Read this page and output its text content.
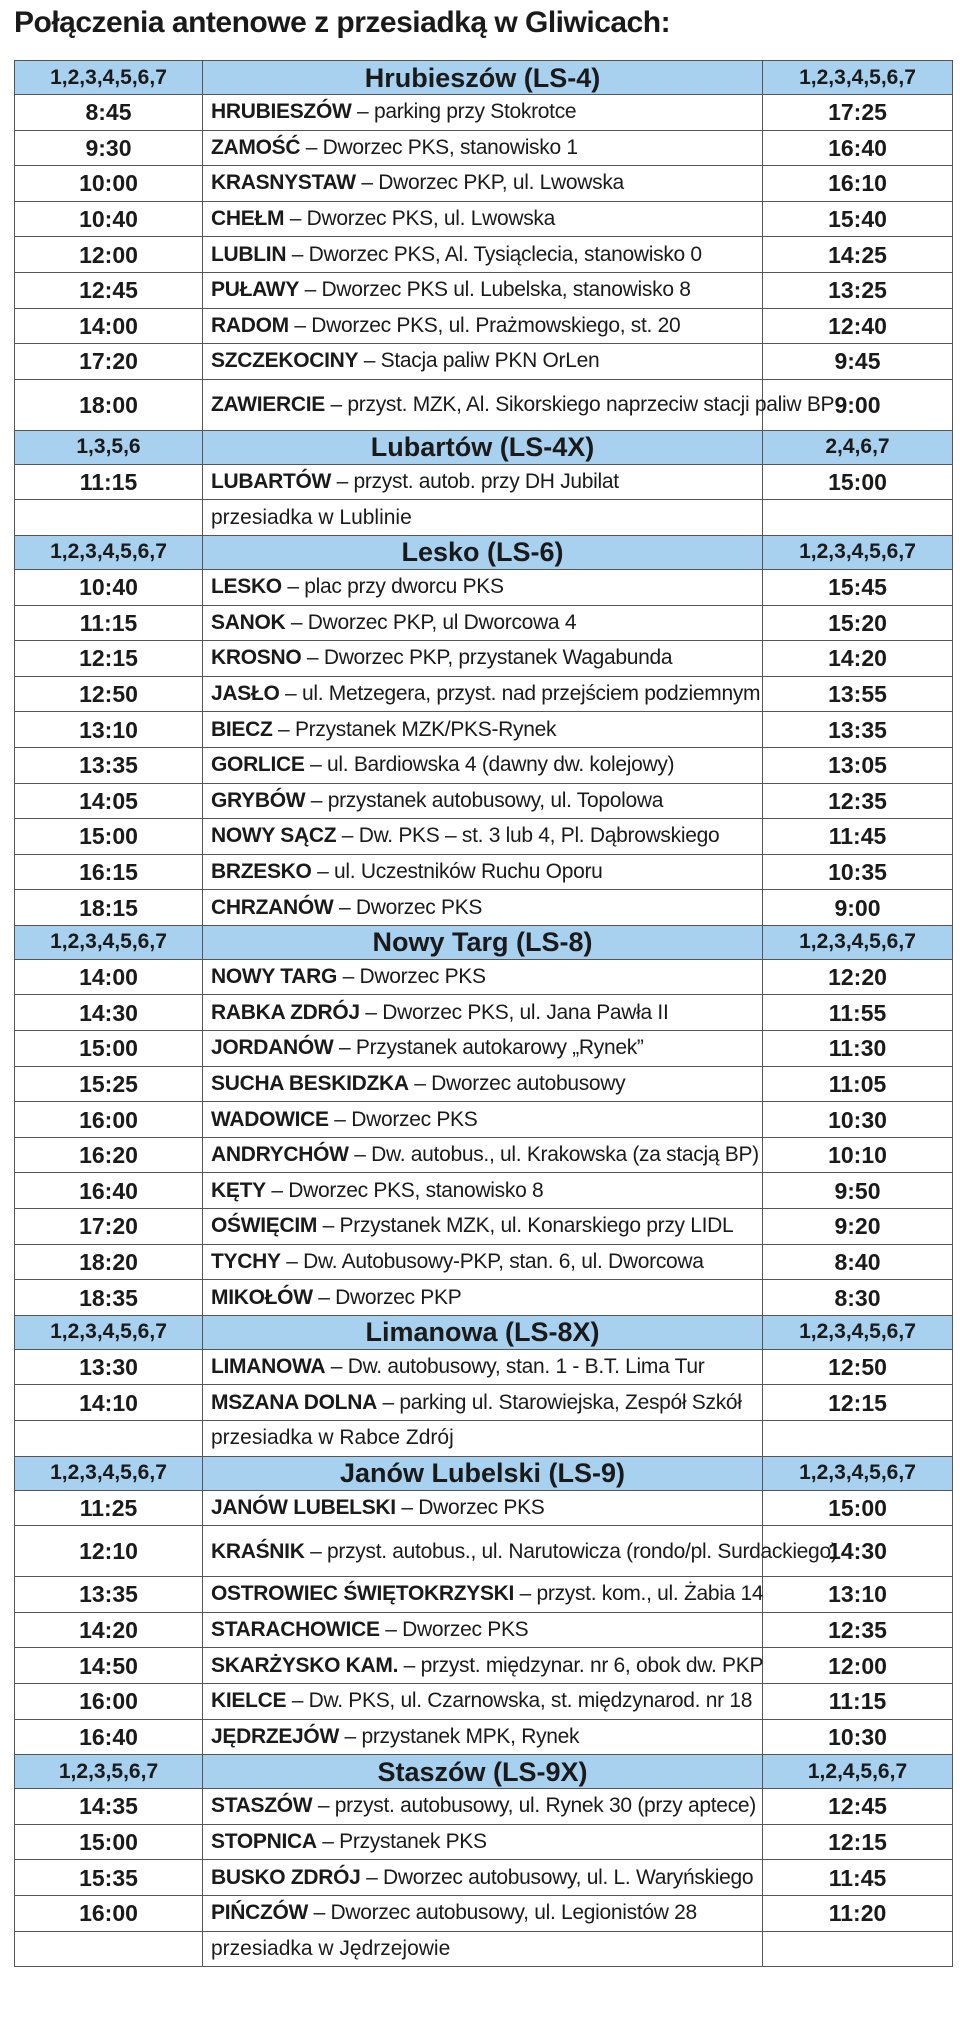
Połączenia antenowe z przesiadką w Gliwicach:
1,2,3,4,5,6,7	Hrubieszów (LS-4)	1,2,3,4,5,6,7
8:45	HRUBIESZÓW – parking przy Stokrotce	17:25
9:30	ZAMOŚĆ – Dworzec PKS, stanowisko 1	16:40
10:00	KRASNYSTAW – Dworzec PKP, ul. Lwowska	16:10
10:40	CHEŁM – Dworzec PKS, ul. Lwowska	15:40
12:00	LUBLIN – Dworzec PKS, Al. Tysiąclecia, stanowisko 0	14:25
12:45	PUŁAWY – Dworzec PKS ul. Lubelska, stanowisko 8	13:25
14:00	RADOM – Dworzec PKS, ul. Prażmowskiego, st. 20	12:40
17:20	SZCZEKOCINY – Stacja paliw PKN OrLen	9:45
18:00	ZAWIERCIE – przyst. MZK, Al. Sikorskiego naprzeciw stacji paliw BP	9:00
1,3,5,6	Lubartów (LS-4X)	2,4,6,7
11:15	LUBARTÓW – przyst. autob. przy DH Jubilat	15:00
	przesiadka w Lublinie	
1,2,3,4,5,6,7	Lesko (LS-6)	1,2,3,4,5,6,7
10:40	LESKO – plac przy dworcu PKS	15:45
11:15	SANOK – Dworzec PKP, ul Dworcowa 4	15:20
12:15	KROSNO – Dworzec PKP, przystanek Wagabunda	14:20
12:50	JASŁO – ul. Metzegera, przyst. nad przejściem podziemnym	13:55
13:10	BIECZ – Przystanek MZK/PKS-Rynek	13:35
13:35	GORLICE – ul. Bardiowska 4 (dawny dw. kolejowy)	13:05
14:05	GRYBÓW – przystanek autobusowy, ul. Topolowa	12:35
15:00	NOWY SĄCZ – Dw. PKS – st. 3 lub 4, Pl. Dąbrowskiego	11:45
16:15	BRZESKO – ul. Uczestników Ruchu Oporu	10:35
18:15	CHRZANÓW – Dworzec PKS	9:00
1,2,3,4,5,6,7	Nowy Targ (LS-8)	1,2,3,4,5,6,7
14:00	NOWY TARG – Dworzec PKS	12:20
14:30	RABKA ZDRÓJ – Dworzec PKS, ul. Jana Pawła II	11:55
15:00	JORDANÓW – Przystanek autokarowy „Rynek”	11:30
15:25	SUCHA BESKIDZKA – Dworzec autobusowy	11:05
16:00	WADOWICE – Dworzec PKS	10:30
16:20	ANDRYCHÓW – Dw. autobus., ul. Krakowska (za stacją BP)	10:10
16:40	KĘTY – Dworzec PKS, stanowisko 8	9:50
17:20	OŚWIĘCIM – Przystanek MZK, ul. Konarskiego przy LIDL	9:20
18:20	TYCHY – Dw. Autobusowy-PKP, stan. 6, ul. Dworcowa	8:40
18:35	MIKOŁÓW – Dworzec PKP	8:30
1,2,3,4,5,6,7	Limanowa (LS-8X)	1,2,3,4,5,6,7
13:30	LIMANOWA – Dw. autobusowy, stan. 1 - B.T. Lima Tur	12:50
14:10	MSZANA DOLNA – parking ul. Starowiejska, Zespół Szkół	12:15
	przesiadka w Rabce Zdrój	
1,2,3,4,5,6,7	Janów Lubelski (LS-9)	1,2,3,4,5,6,7
11:25	JANÓW LUBELSKI – Dworzec PKS	15:00
12:10	KRAŚNIK – przyst. autobus., ul. Narutowicza (rondo/pl. Surdackiego)	14:30
13:35	OSTROWIEC ŚWIĘTOKRZYSKI – przyst. kom., ul. Żabia 14	13:10
14:20	STARACHOWICE – Dworzec PKS	12:35
14:50	SKARŻYSKO KAM. – przyst. międzynar. nr 6, obok dw. PKP	12:00
16:00	KIELCE – Dw. PKS, ul. Czarnowska, st. międzynarod. nr 18	11:15
16:40	JĘDRZEJÓW – przystanek MPK, Rynek	10:30
1,2,3,5,6,7	Staszów (LS-9X)	1,2,4,5,6,7
14:35	STASZÓW – przyst. autobusowy, ul. Rynek 30 (przy aptece)	12:45
15:00	STOPNICA – Przystanek PKS	12:15
15:35	BUSKO ZDRÓJ – Dworzec autobusowy, ul. L. Waryńskiego	11:45
16:00	PIŃCZÓW – Dworzec autobusowy, ul. Legionistów 28	11:20
	przesiadka w Jędrzejowie	
